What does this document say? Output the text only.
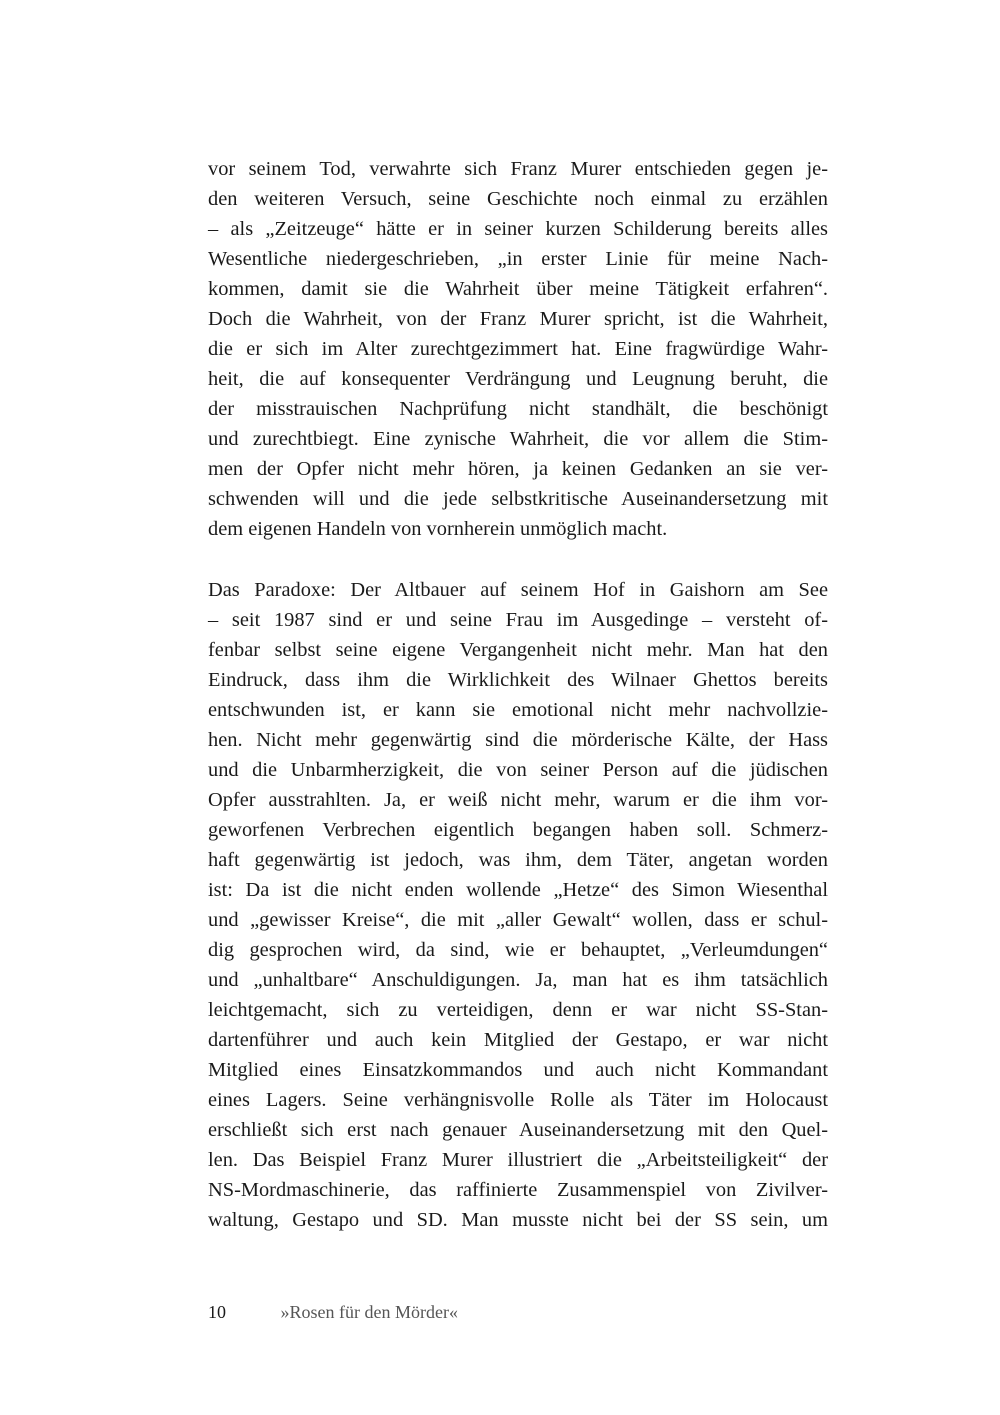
vor seinem Tod, verwahrte sich Franz Murer entschieden gegen je-
den weiteren Versuch, seine Geschichte noch einmal zu erzählen
– als „Zeitzeuge“ hätte er in seiner kurzen Schilderung bereits alles
Wesentliche niedergeschrieben, „in erster Linie für meine Nach-
kommen, damit sie die Wahrheit über meine Tätigkeit erfahren“.
Doch die Wahrheit, von der Franz Murer spricht, ist die Wahrheit,
die er sich im Alter zurechtgezimmert hat. Eine fragwürdige Wahr-
heit, die auf konsequenter Verdrängung und Leugnung beruht, die
der misstrauischen Nachprüfung nicht standhält, die beschönigt
und zurechtbiegt. Eine zynische Wahrheit, die vor allem die Stim-
men der Opfer nicht mehr hören, ja keinen Gedanken an sie ver-
schwenden will und die jede selbstkritische Auseinandersetzung mit
dem eigenen Handeln von vornherein unmöglich macht.
Das Paradoxe: Der Altbauer auf seinem Hof in Gaishorn am See
– seit 1987 sind er und seine Frau im Ausgedinge – versteht of-
fenbar selbst seine eigene Vergangenheit nicht mehr. Man hat den
Eindruck, dass ihm die Wirklichkeit des Wilnaer Ghettos bereits
entschwunden ist, er kann sie emotional nicht mehr nachvollzie-
hen. Nicht mehr gegenwärtig sind die mörderische Kälte, der Hass
und die Unbarmherzigkeit, die von seiner Person auf die jüdischen
Opfer ausstrahlten. Ja, er weiß nicht mehr, warum er die ihm vor-
geworfenen Verbrechen eigentlich begangen haben soll. Schmerz-
haft gegenwärtig ist jedoch, was ihm, dem Täter, angetan worden
ist: Da ist die nicht enden wollende „Hetze“ des Simon Wiesenthal
und „gewisser Kreise“, die mit „aller Gewalt“ wollen, dass er schul-
dig gesprochen wird, da sind, wie er behauptet, „Verleumdungen“
und „unhaltbare“ Anschuldigungen. Ja, man hat es ihm tatsächlich
leichtgemacht, sich zu verteidigen, denn er war nicht SS-Stan-
dartenführer und auch kein Mitglied der Gestapo, er war nicht
Mitglied eines Einsatzkommandos und auch nicht Kommandant
eines Lagers. Seine verhängnisvolle Rolle als Täter im Holocaust
erschließt sich erst nach genauer Auseinandersetzung mit den Quel-
len. Das Beispiel Franz Murer illustriert die „Arbeitsteiligkeit“ der
NS-Mordmaschinerie, das raffinierte Zusammenspiel von Zivilver-
waltung, Gestapo und SD. Man musste nicht bei der SS sein, um
10	»Rosen für den Mörder«
